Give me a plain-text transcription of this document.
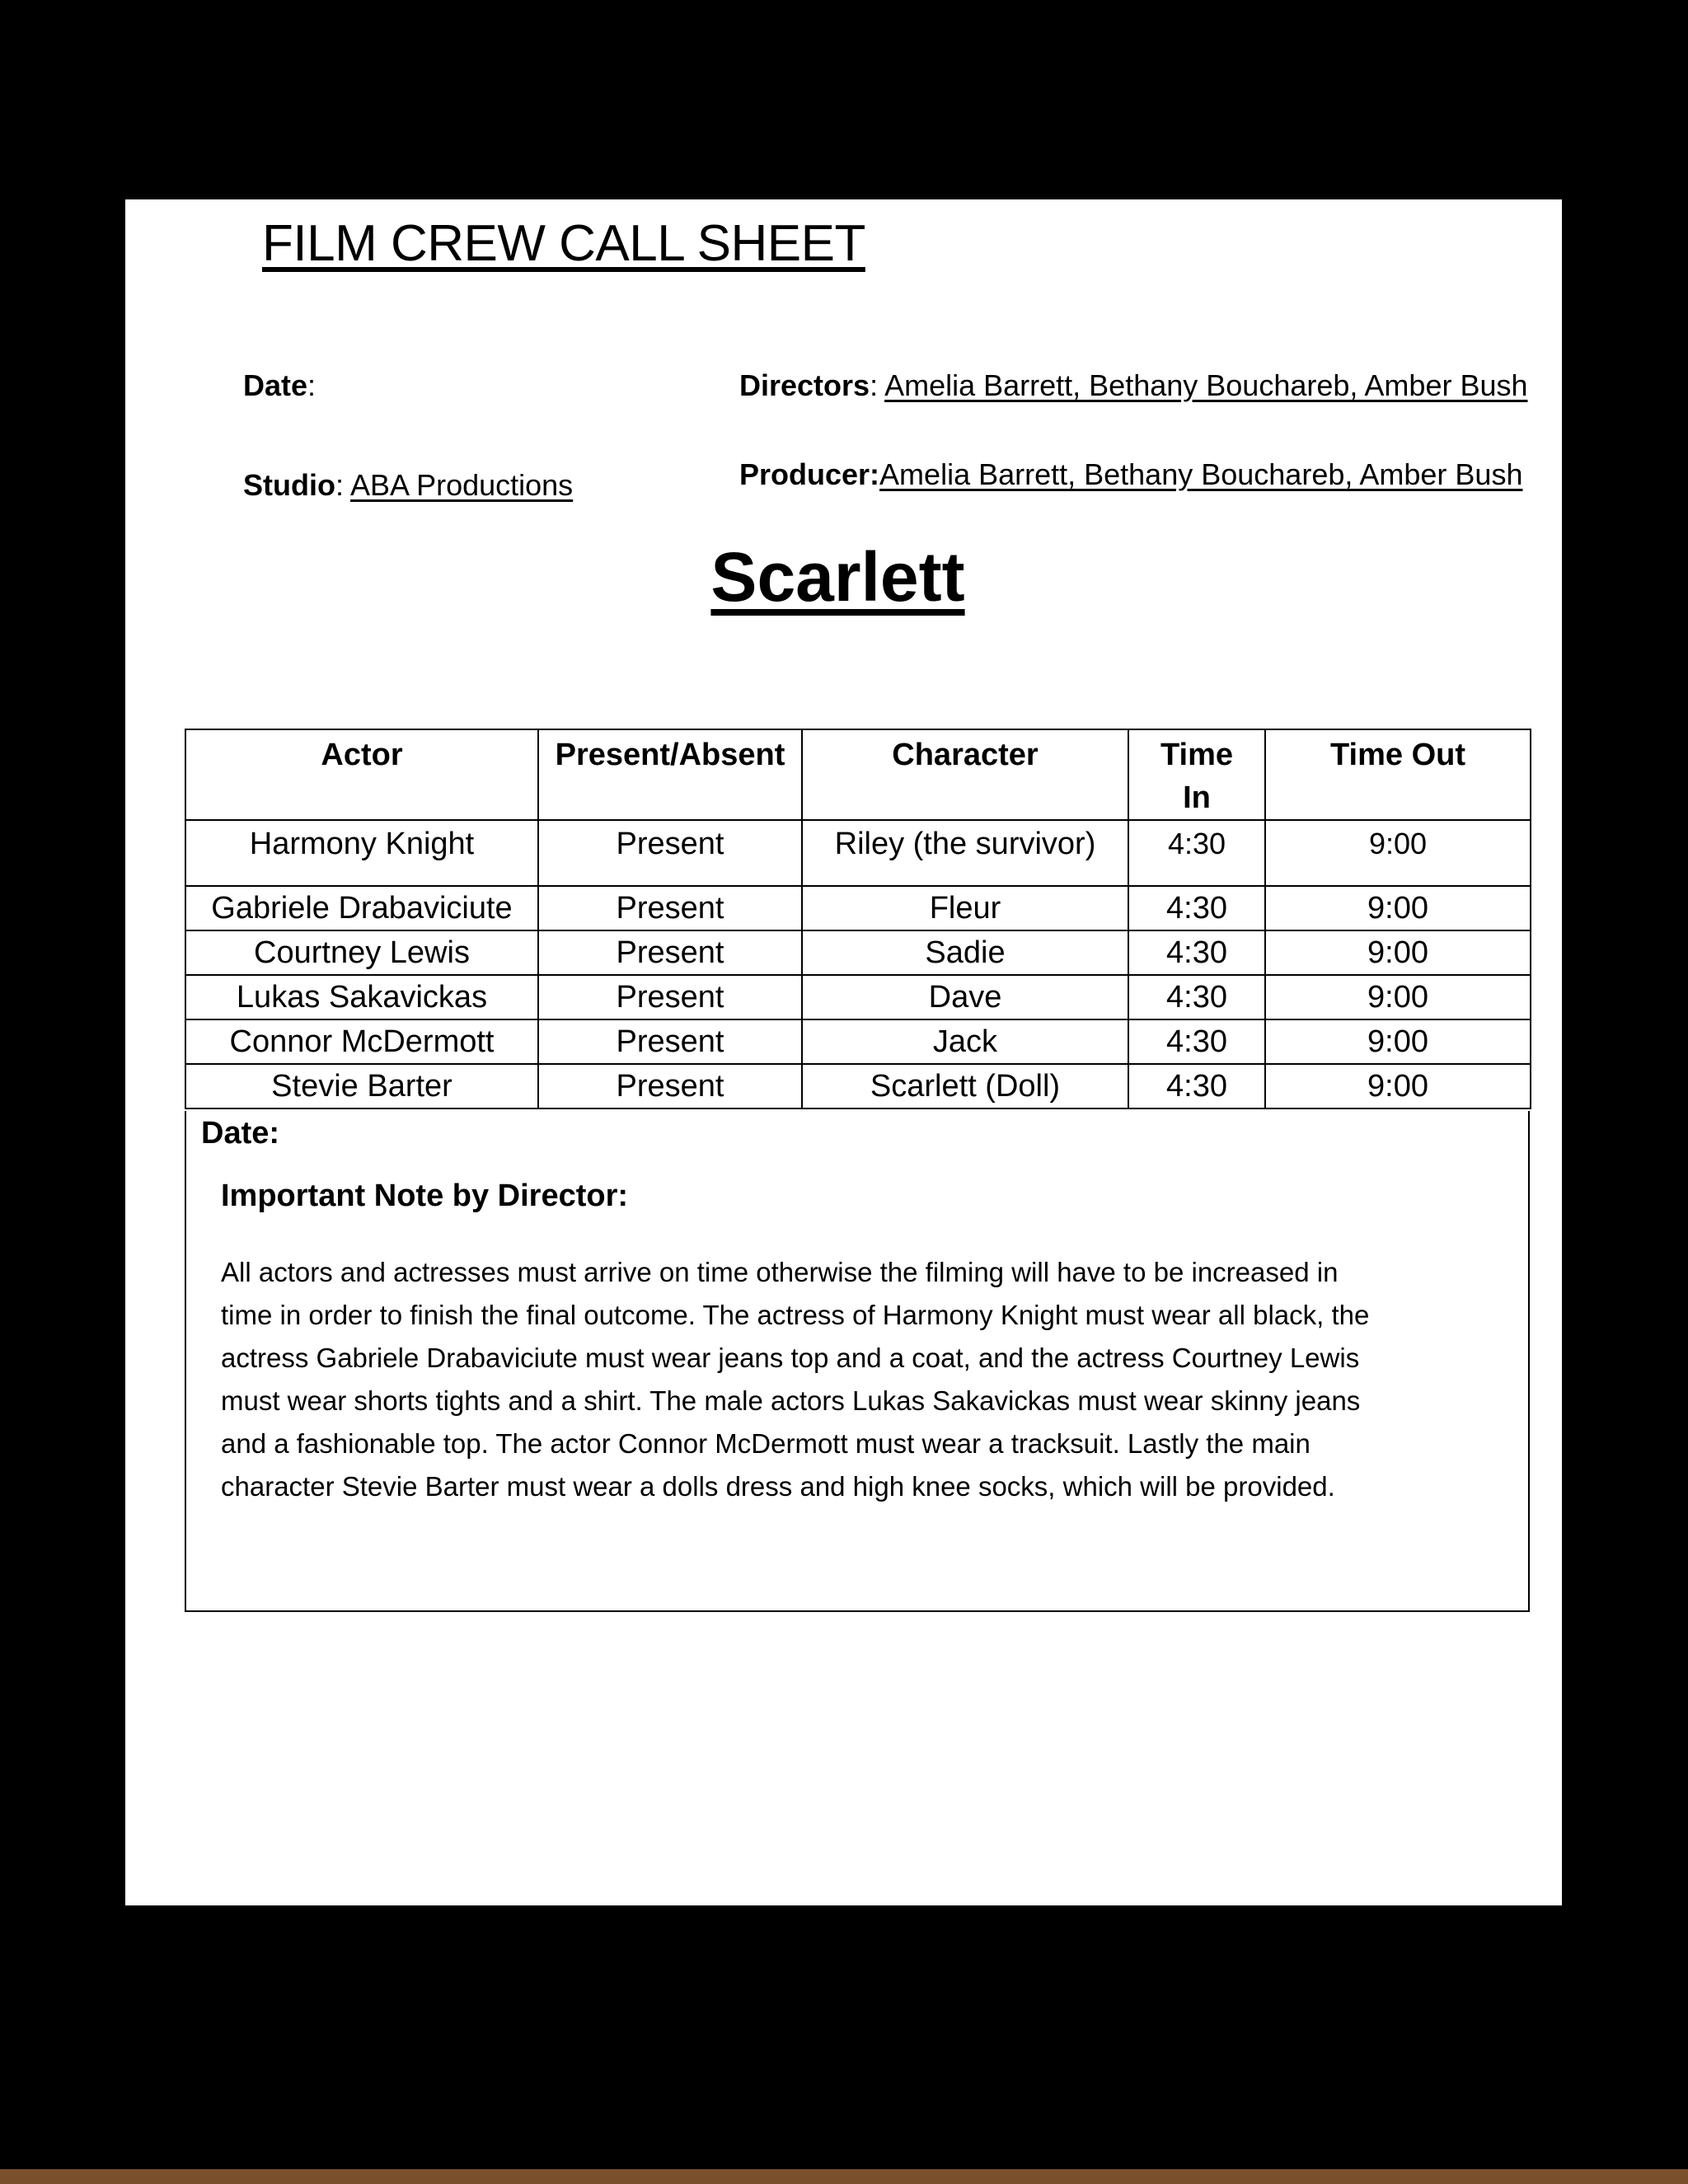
FILM CREW CALL SHEET
Date:
Studio: ABA Productions
Directors: Amelia Barrett, Bethany Bouchareb, Amber Bush
Producer:Amelia Barrett, Bethany Bouchareb, Amber Bush
Scarlett
Actor	Present/Absent	Character	Time In	Time Out
Harmony Knight	Present	Riley (the survivor)	4:30	9:00
Gabriele Drabaviciute	Present	Fleur	4:30	9:00
Courtney Lewis	Present	Sadie	4:30	9:00
Lukas Sakavickas	Present	Dave	4:30	9:00
Connor McDermott	Present	Jack	4:30	9:00
Stevie Barter	Present	Scarlett (Doll)	4:30	9:00
Date:
Important Note by Director:
All actors and actresses must arrive on time otherwise the filming will have to be increased in time in order to finish the final outcome. The actress of Harmony Knight must wear all black, the actress Gabriele Drabaviciute must wear jeans top and a coat, and the actress Courtney Lewis must wear shorts tights and a shirt. The male actors Lukas Sakavickas must wear skinny jeans and a fashionable top. The actor Connor McDermott must wear a tracksuit. Lastly the main character Stevie Barter must wear a dolls dress and high knee socks, which will be provided.
